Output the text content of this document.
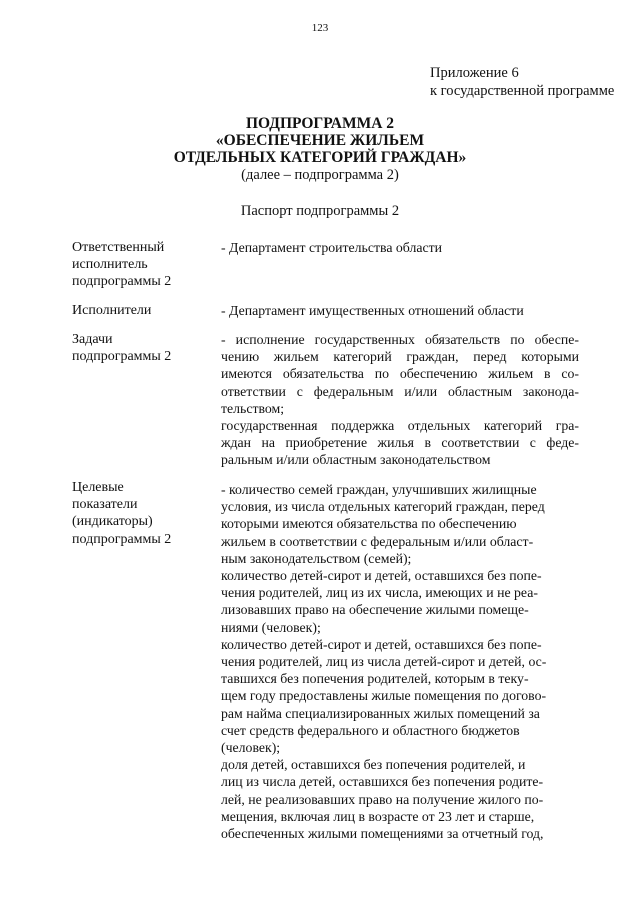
123
Приложение 6
к государственной программе
ПОДПРОГРАММА 2
«ОБЕСПЕЧЕНИЕ ЖИЛЬЕМ
ОТДЕЛЬНЫХ КАТЕГОРИЙ ГРАЖДАН»
(далее – подпрограмма 2)
Паспорт подпрограммы 2
Ответственный
исполнитель
подпрограммы 2
- Департамент строительства области
Исполнители	- Департамент имущественных отношений области
Задачи
подпрограммы 2
- исполнение государственных обязательств по обеспе-
чению жильем категорий граждан, перед которыми
имеются обязательства по обеспечению жильем в со-
ответствии с федеральным и/или областным законода-
тельством;
государственная поддержка отдельных категорий гра-
ждан на приобретение жилья в соответствии с феде-
ральным и/или областным законодательством
Целевые
показатели
(индикаторы)
подпрограммы 2
- количество семей граждан, улучшивших жилищные
условия, из числа отдельных категорий граждан, перед
которыми имеются обязательства по обеспечению
жильем в соответствии с федеральным и/или област-
ным законодательством (семей);
количество детей-сирот и детей, оставшихся без попе-
чения родителей, лиц из их числа, имеющих и не реа-
лизовавших право на обеспечение жилыми помеще-
ниями (человек);
количество детей-сирот и детей, оставшихся без попе-
чения родителей, лиц из числа детей-сирот и детей, ос-
тавшихся без попечения родителей, которым в теку-
щем году предоставлены жилые помещения по догово-
рам найма специализированных жилых помещений за
счет средств федерального и областного бюджетов
(человек);
доля детей, оставшихся без попечения родителей, и
лиц из числа детей, оставшихся без попечения родите-
лей, не реализовавших право на получение жилого по-
мещения, включая лиц в возрасте от 23 лет и старше,
обеспеченных жилыми помещениями за отчетный год,
